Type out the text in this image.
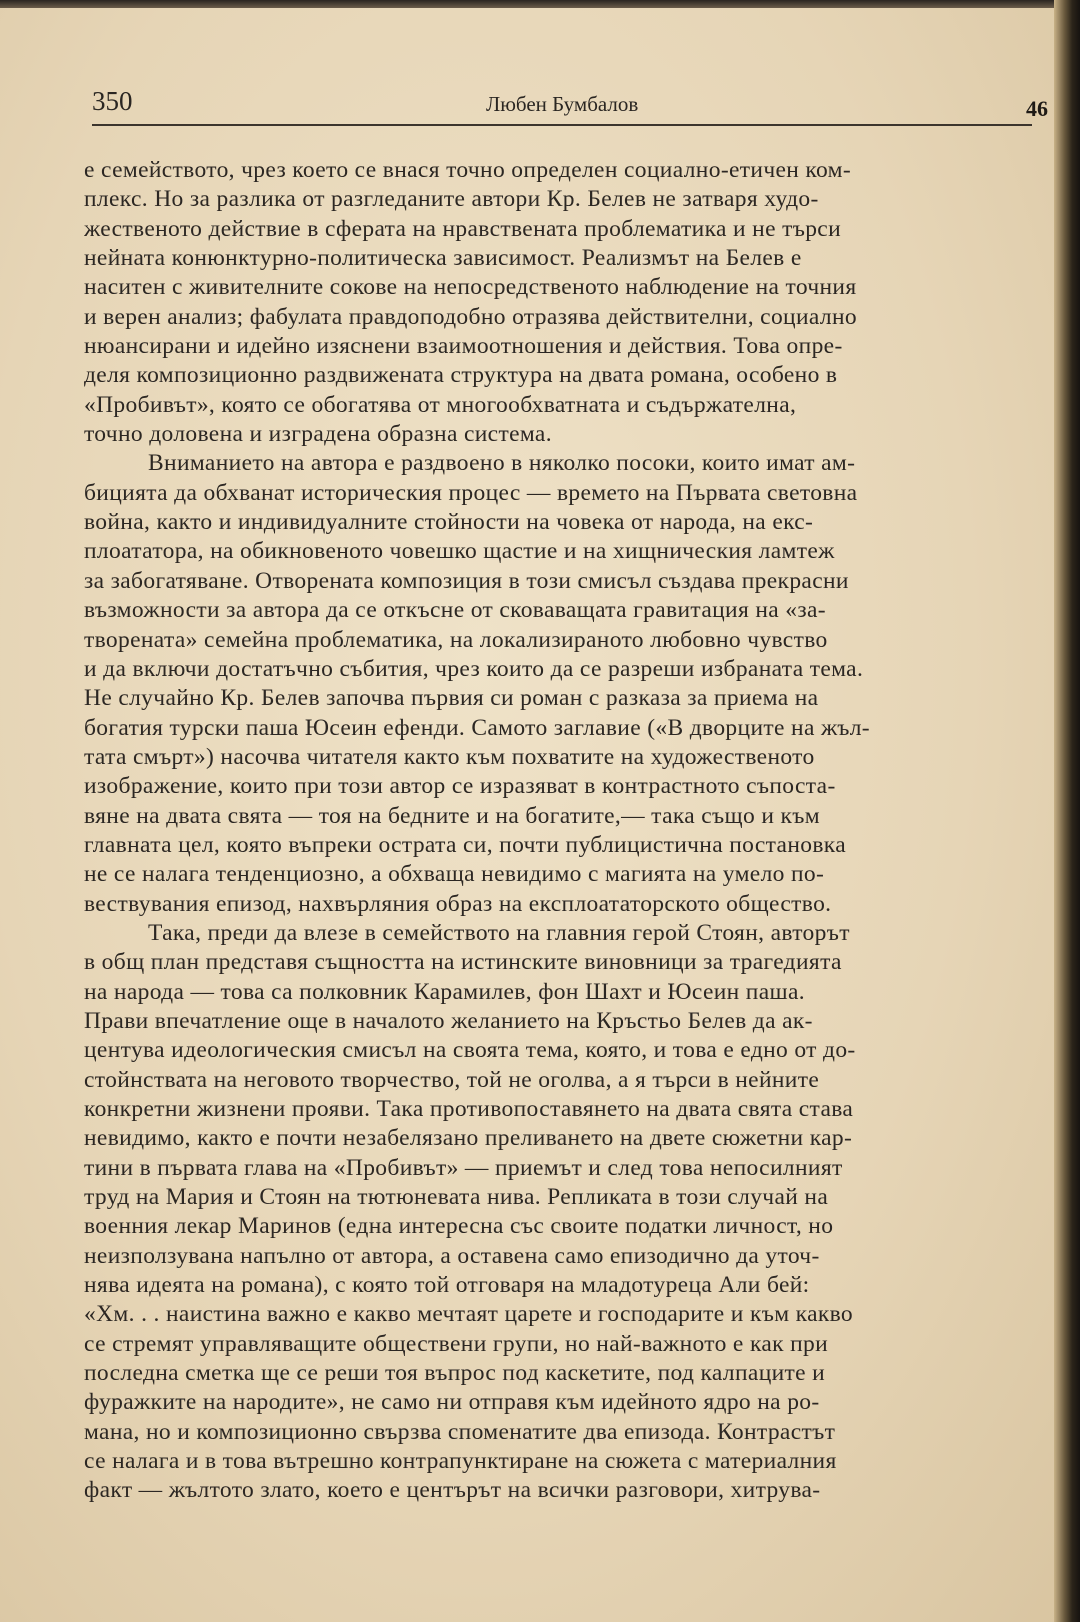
350	Любен Бумбалов	46
е семейството, чрез което се внася точно определен социално-етичен ком-
плекс. Но за разлика от разгледаните автори Кр. Белев не затваря худо-
жественото действие в сферата на нравствената проблематика и не търси
нейната конюнктурно-политическа зависимост. Реализмът на Белев е
наситен с живителните сокове на непосредственото наблюдение на точния
и верен анализ; фабулата правдоподобно отразява действителни, социално
нюансирани и идейно изяснени взаимоотношения и действия. Това опре-
деля композиционно раздвижената структура на двата романа, особено в
«Пробивът», която се обогатява от многообхватната и съдържателна,
точно доловена и изградена образна система.
Вниманието на автора е раздвоено в няколко посоки, които имат ам-
бицията да обхванат историческия процес — времето на Първата световна
война, както и индивидуалните стойности на човека от народа, на екс-
плоататора, на обикновеното човешко щастие и на хищническия ламтеж
за забогатяване. Отворената композиция в този смисъл създава прекрасни
възможности за автора да се откъсне от сковаващата гравитация на «за-
творената» семейна проблематика, на локализираното любовно чувство
и да включи достатъчно събития, чрез които да се разреши избраната тема.
Не случайно Кр. Белев започва първия си роман с разказа за приема на
богатия турски паша Юсеин ефенди. Самото заглавие («В дворците на жъл-
тата смърт») насочва читателя както към похватите на художественото
изображение, които при този автор се изразяват в контрастното съпоста-
вяне на двата свята — тоя на бедните и на богатите,— така също и към
главната цел, която въпреки острата си, почти публицистична постановка
не се налага тенденциозно, а обхваща невидимо с магията на умело по-
вествувания епизод, нахвърляния образ на експлоататорското общество.
Така, преди да влезе в семейството на главния герой Стоян, авторът
в общ план представя същността на истинските виновници за трагедията
на народа — това са полковник Карамилев, фон Шахт и Юсеин паша.
Прави впечатление още в началото желанието на Кръстьо Белев да ак-
центува идеологическия смисъл на своята тема, която, и това е едно от до-
стойнствата на неговото творчество, той не оголва, а я търси в нейните
конкретни жизнени прояви. Така противопоставянето на двата свята става
невидимо, както е почти незабелязано преливането на двете сюжетни кар-
тини в първата глава на «Пробивът» — приемът и след това непосилният
труд на Мария и Стоян на тютюневата нива. Репликата в този случай на
военния лекар Маринов (една интересна със своите податки личност, но
неизползувана напълно от автора, а оставена само епизодично да уточ-
нява идеята на романа), с която той отговаря на младотуреца Али бей:
«Хм. . . наистина важно е какво мечтаят царете и господарите и към какво
се стремят управляващите обществени групи, но най-важното е как при
последна сметка ще се реши тоя въпрос под каскетите, под калпаците и
фуражките на народите», не само ни отправя към идейното ядро на ро-
мана, но и композиционно свързва споменатите два епизода. Контрастът
се налага и в това вътрешно контрапунктиране на сюжета с материалния
факт — жълтото злато, което е центърът на всички разговори, хитрува-
